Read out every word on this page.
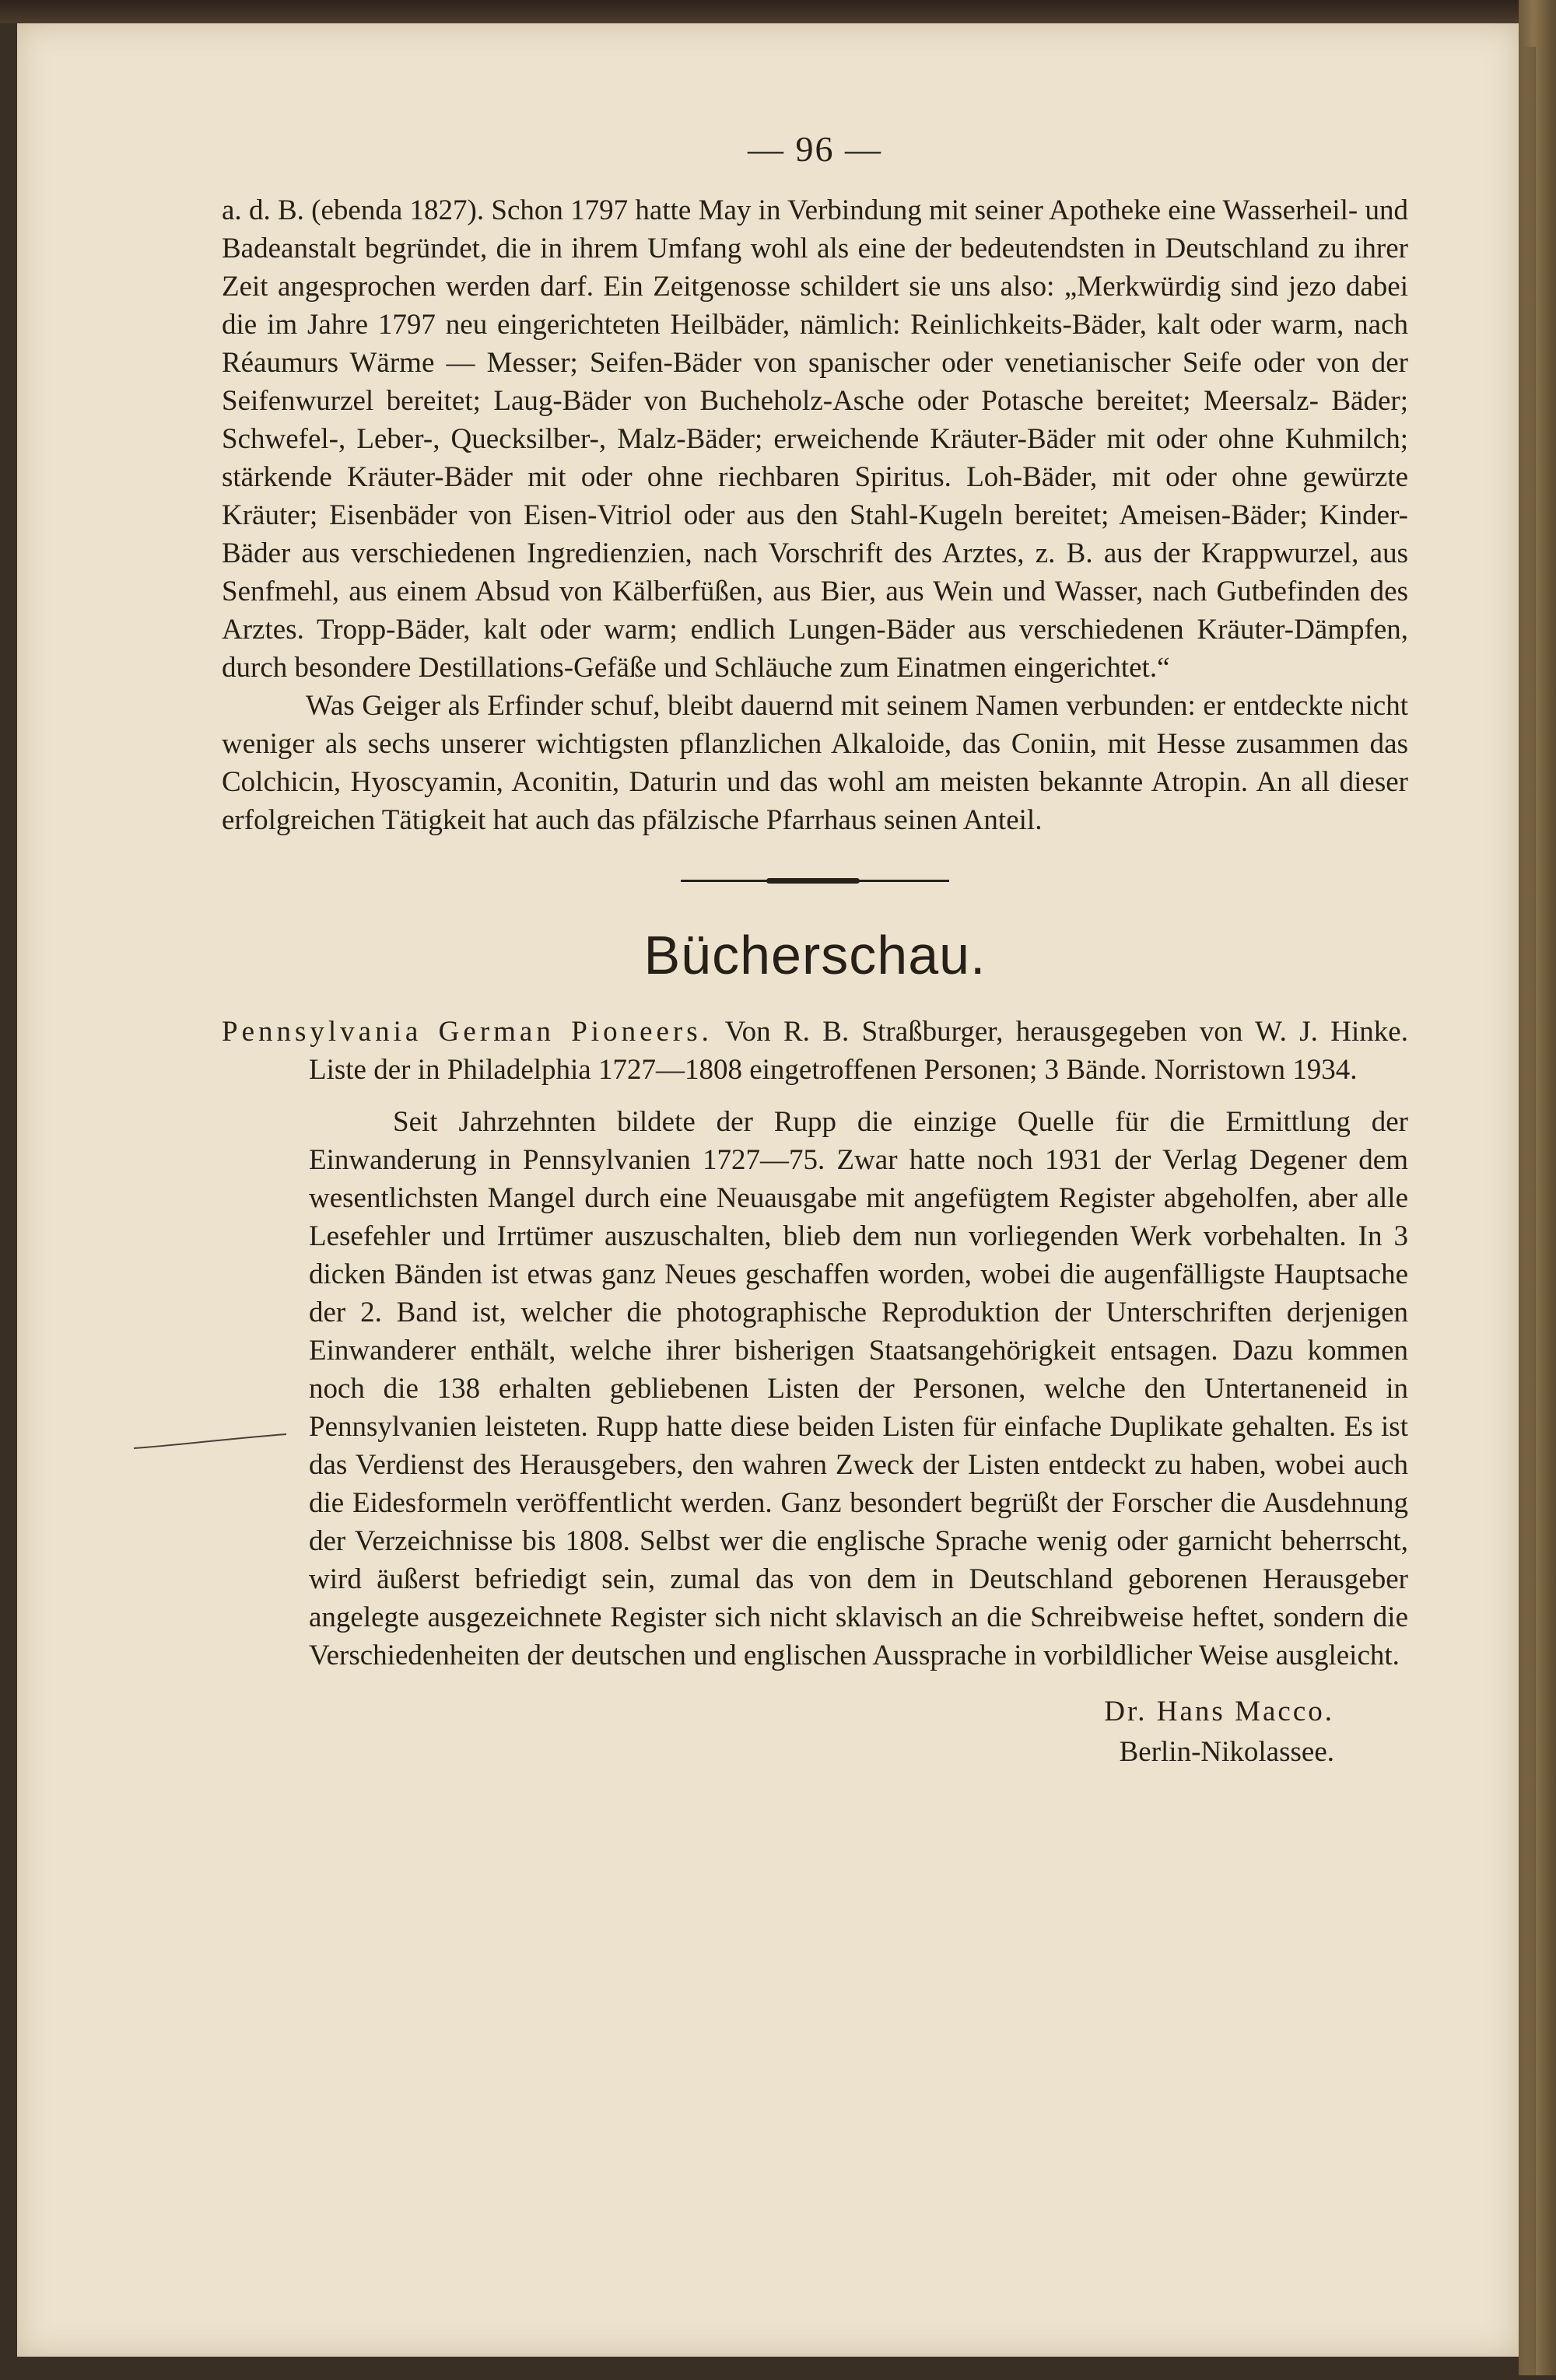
— 96 —

a. d. B. (ebenda 1827). Schon 1797 hatte May in Verbindung mit seiner Apotheke eine Wasserheil- und Badeanstalt begründet, die in ihrem Umfang wohl als eine der bedeutendsten in Deutschland zu ihrer Zeit angesprochen werden darf. Ein Zeitgenosse schildert sie uns also: „Merkwürdig sind jezo dabei die im Jahre 1797 neu eingerichteten Heilbäder, nämlich: Reinlichkeits-Bäder, kalt oder warm, nach Réaumurs Wärme — Messer; Seifen-Bäder von spanischer oder venetianischer Seife oder von der Seifenwurzel bereitet; Laug-Bäder von Bucheholz-Asche oder Potasche bereitet; Meersalz- Bäder; Schwefel-, Leber-, Quecksilber-, Malz-Bäder; erweichende Kräuter-Bäder mit oder ohne Kuhmilch; stärkende Kräuter-Bäder mit oder ohne riechbaren Spiritus. Loh-Bäder, mit oder ohne gewürzte Kräuter; Eisenbäder von Eisen-Vitriol oder aus den Stahl-Kugeln bereitet; Ameisen-Bäder; Kinder-Bäder aus verschiedenen Ingredienzien, nach Vorschrift des Arztes, z. B. aus der Krappwurzel, aus Senfmehl, aus einem Absud von Kälberfüßen, aus Bier, aus Wein und Wasser, nach Gutbefinden des Arztes. Tropp-Bäder, kalt oder warm; endlich Lungen-Bäder aus verschiedenen Kräuter-Dämpfen, durch besondere Destillations-Gefäße und Schläuche zum Einatmen eingerichtet.“

Was Geiger als Erfinder schuf, bleibt dauernd mit seinem Namen verbunden: er entdeckte nicht weniger als sechs unserer wichtigsten pflanzlichen Alkaloide, das Coniin, mit Hesse zusammen das Colchicin, Hyoscyamin, Aconitin, Daturin und das wohl am meisten bekannte Atropin. An all dieser erfolgreichen Tätigkeit hat auch das pfälzische Pfarrhaus seinen Anteil.

Bücherschau.

Pennsylvania German Pioneers. Von R. B. Straßburger, herausgegeben von W. J. Hinke. Liste der in Philadelphia 1727—1808 eingetroffenen Personen; 3 Bände. Norristown 1934.

Seit Jahrzehnten bildete der Rupp die einzige Quelle für die Ermittlung der Einwanderung in Pennsylvanien 1727—75. Zwar hatte noch 1931 der Verlag Degener dem wesentlichsten Mangel durch eine Neuausgabe mit angefügtem Register abgeholfen, aber alle Lesefehler und Irrtümer auszuschalten, blieb dem nun vorliegenden Werk vorbehalten. In 3 dicken Bänden ist etwas ganz Neues geschaffen worden, wobei die augenfälligste Hauptsache der 2. Band ist, welcher die photographische Reproduktion der Unterschriften derjenigen Einwanderer enthält, welche ihrer bisherigen Staatsangehörigkeit entsagen. Dazu kommen noch die 138 erhalten gebliebenen Listen der Personen, welche den Untertaneneid in Pennsylvanien leisteten. Rupp hatte diese beiden Listen für einfache Duplikate gehalten. Es ist das Verdienst des Herausgebers, den wahren Zweck der Listen entdeckt zu haben, wobei auch die Eidesformeln veröffentlicht werden. Ganz besondert begrüßt der Forscher die Ausdehnung der Verzeichnisse bis 1808. Selbst wer die englische Sprache wenig oder garnicht beherrscht, wird äußerst befriedigt sein, zumal das von dem in Deutschland geborenen Herausgeber angelegte ausgezeichnete Register sich nicht sklavisch an die Schreibweise heftet, sondern die Verschiedenheiten der deutschen und englischen Aussprache in vorbildlicher Weise ausgleicht.

Dr. Hans Macco.
Berlin-Nikolassee.
